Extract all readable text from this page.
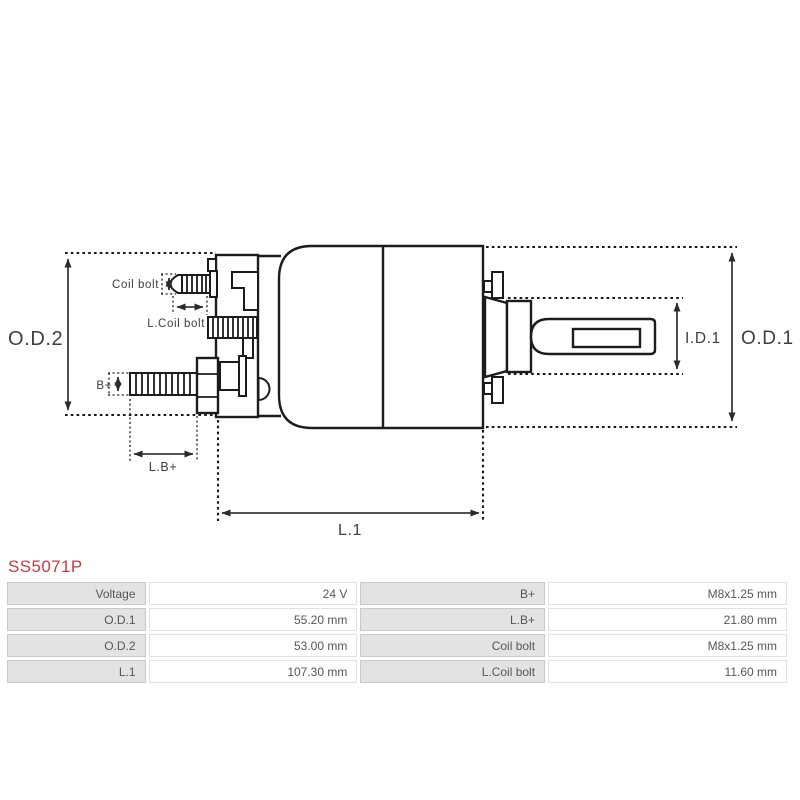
O.D.2	O.D.1
I.D.1
L.1
Coil bolt
L.Coil bolt
B+
L.B+
SS5071P
Voltage	24 V	B+	M8x1.25 mm
O.D.1	55.20 mm	L.B+	21.80 mm
O.D.2	53.00 mm	Coil bolt	M8x1.25 mm
L.1	107.30 mm	L.Coil bolt	11.60 mm
